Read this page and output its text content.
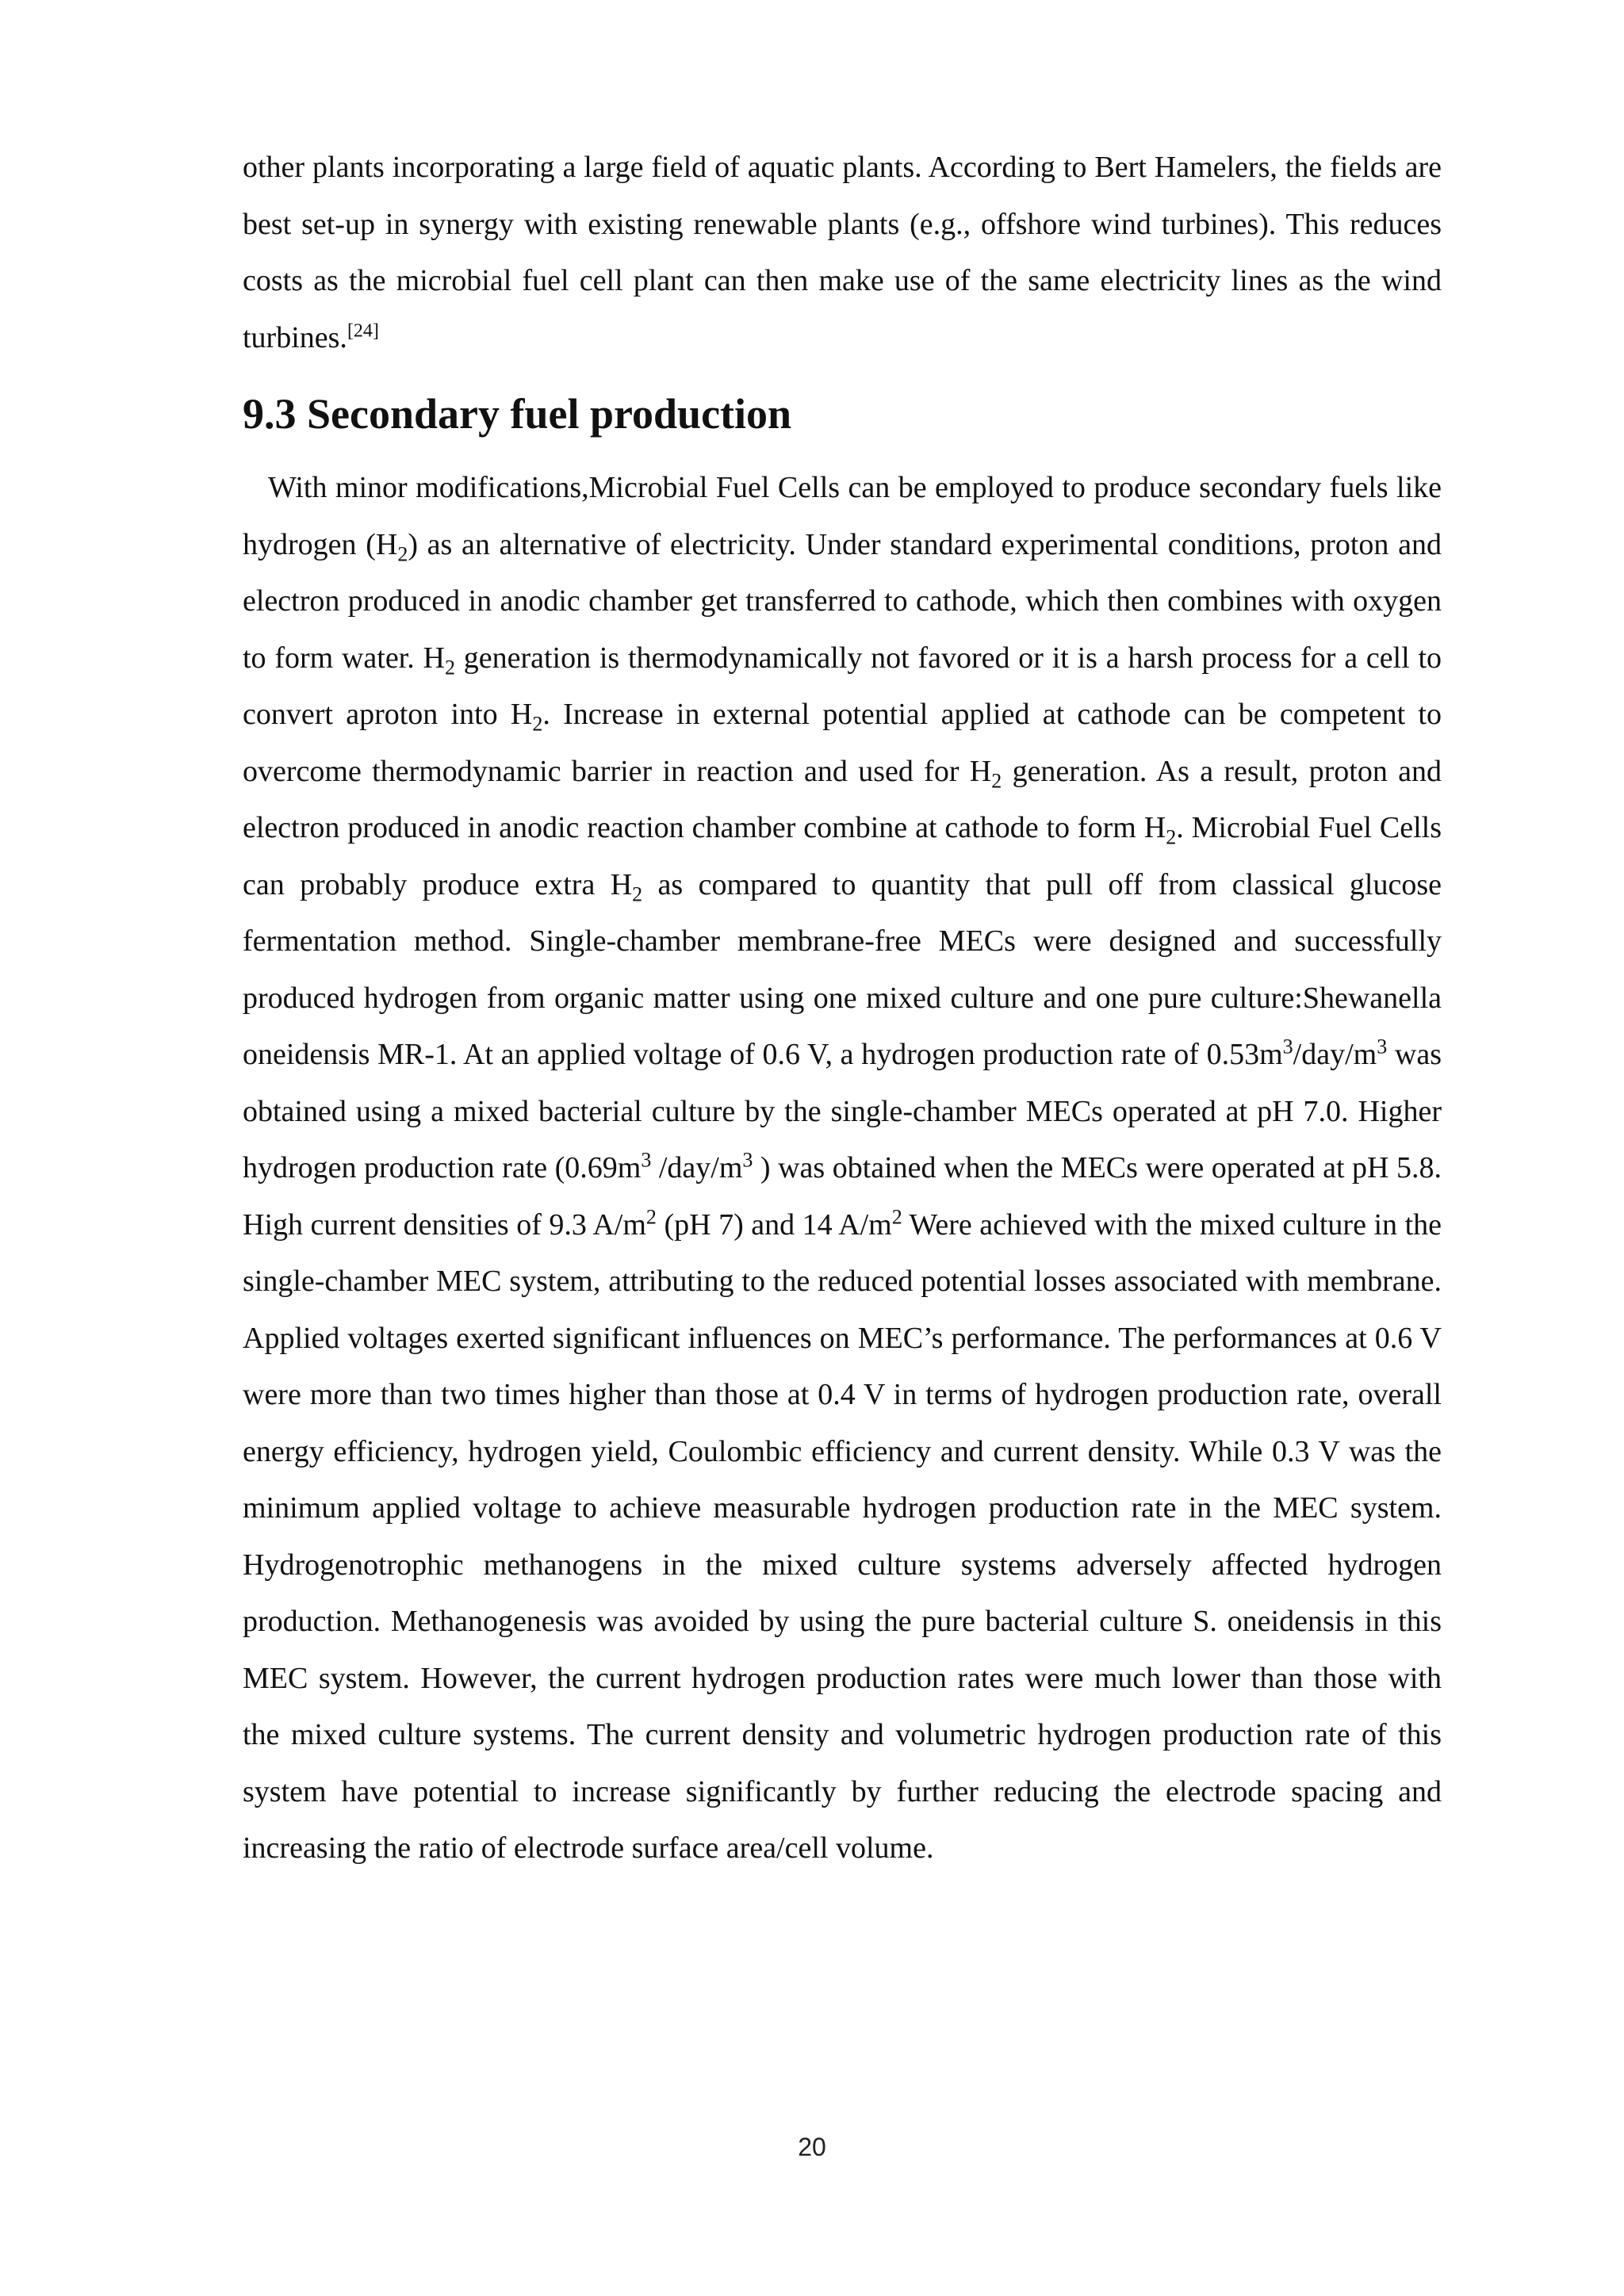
other plants incorporating a large field of aquatic plants. According to Bert Hamelers, the fields are best set-up in synergy with existing renewable plants (e.g., offshore wind turbines). This reduces costs as the microbial fuel cell plant can then make use of the same electricity lines as the wind turbines.[24]

9.3 Secondary fuel production

With minor modifications,Microbial Fuel Cells can be employed to produce secondary fuels like hydrogen $(H_2)$ as an alternative of electricity. Under standard experimental conditions, proton and electron produced in anodic chamber get transferred to cathode, which then combines with oxygen to form water. $H_2$ generation is thermodynamically not favored or it is a harsh process for a cell to convert aproton into $H_2$. Increase in external potential applied at cathode can be competent to overcome thermodynamic barrier in reaction and used for $H_2$ generation. As a result, proton and electron produced in anodic reaction chamber combine at cathode to form $H_2$. Microbial Fuel Cells can probably produce extra $H_2$ as compared to quantity that pull off from classical glucose fermentation method. Single-chamber membrane-free MECs were designed and successfully produced hydrogen from organic matter using one mixed culture and one pure culture:Shewanella oneidensis MR-1. At an applied voltage of 0.6 V, a hydrogen production rate of $0.53m^3/day/m^3$ was obtained using a mixed bacterial culture by the single-chamber MECs operated at pH 7.0. Higher hydrogen production rate ($0.69m^3$ $/day/m^3$ ) was obtained when the MECs were operated at pH 5.8. High current densities of 9.3 $A/m^2$ (pH 7) and 14 $A/m^2$ Were achieved with the mixed culture in the single-chamber MEC system, attributing to the reduced potential losses associated with membrane. Applied voltages exerted significant influences on MEC’s performance. The performances at 0.6 V were more than two times higher than those at 0.4 V in terms of hydrogen production rate, overall energy efficiency, hydrogen yield, Coulombic efficiency and current density. While 0.3 V was the minimum applied voltage to achieve measurable hydrogen production rate in the MEC system. Hydrogenotrophic methanogens in the mixed culture systems adversely affected hydrogen production. Methanogenesis was avoided by using the pure bacterial culture S. oneidensis in this MEC system. However, the current hydrogen production rates were much lower than those with the mixed culture systems. The current density and volumetric hydrogen production rate of this system have potential to increase significantly by further reducing the electrode spacing and increasing the ratio of electrode surface area/cell volume.

20
